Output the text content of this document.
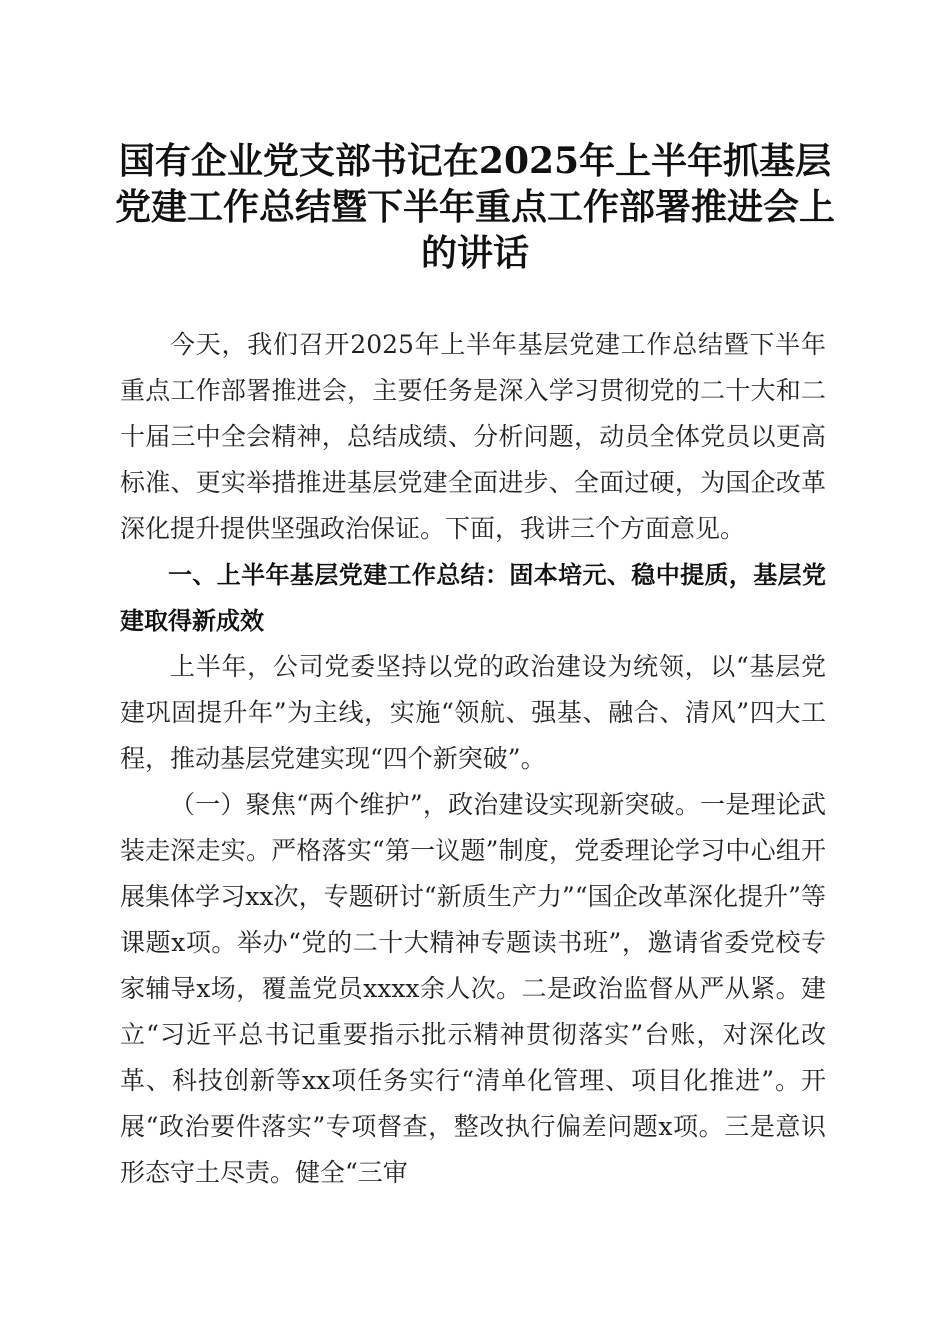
国有企业党支部书记在2025年上半年抓基层党建工作总结暨下半年重点工作部署推进会上的讲话

今天，我们召开2025年上半年基层党建工作总结暨下半年重点工作部署推进会，主要任务是深入学习贯彻党的二十大和二十届三中全会精神，总结成绩、分析问题，动员全体党员以更高标准、更实举措推进基层党建全面进步、全面过硬，为国企改革深化提升提供坚强政治保证。下面，我讲三个方面意见。

一、上半年基层党建工作总结：固本培元、稳中提质，基层党建取得新成效

上半年，公司党委坚持以党的政治建设为统领，以“基层党建巩固提升年”为主线，实施“领航、强基、融合、清风”四大工程，推动基层党建实现“四个新突破”。

（一）聚焦“两个维护”，政治建设实现新突破。一是理论武装走深走实。严格落实“第一议题”制度，党委理论学习中心组开展集体学习xx次，专题研讨“新质生产力”“国企改革深化提升”等课题x项。举办“党的二十大精神专题读书班”，邀请省委党校专家辅导x场，覆盖党员xxxx余人次。二是政治监督从严从紧。建立“习近平总书记重要指示批示精神贯彻落实”台账，对深化改革、科技创新等xx项任务实行“清单化管理、项目化推进”。开展“政治要件落实”专项督查，整改执行偏差问题x项。三是意识形态守土尽责。健全“三审
